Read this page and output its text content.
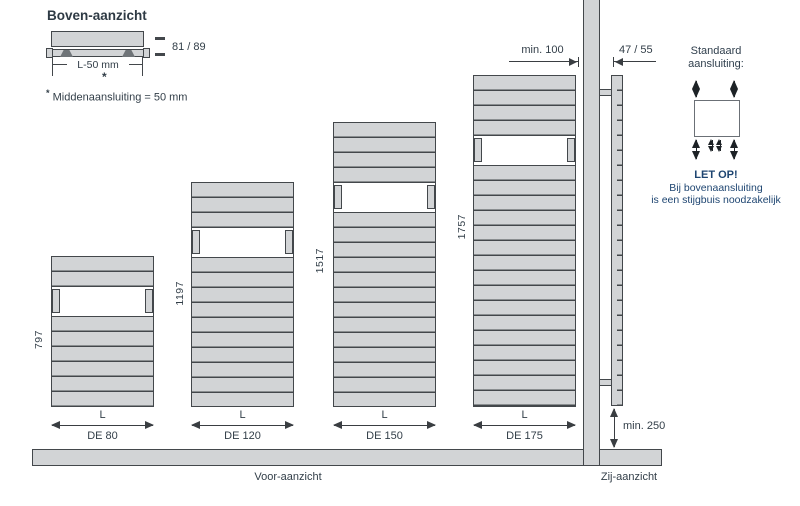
Boven-aanzicht
L-50 mm
*
81 / 89
* Middenaansluiting = 50 mm
797
1197
1517
1757
L
DE 80
L
DE 120
L
DE 150
L
DE 175
min. 100	47 / 55
min. 250
Voor-aanzicht	Zij-aanzicht
Standaard
aansluiting:
LET OP!
Bij bovenaansluiting
is een stijgbuis noodzakelijk
